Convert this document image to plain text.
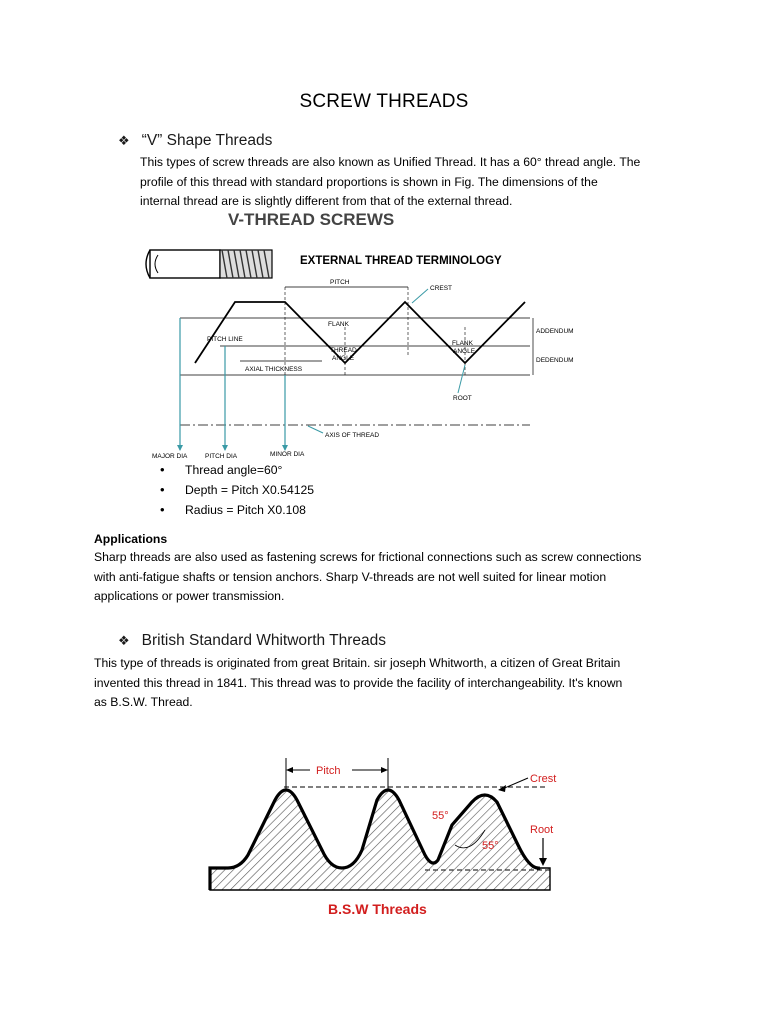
SCREW THREADS
❖ “V” Shape Threads
This types of screw threads are also known as Unified Thread. It has a 60° thread angle. The
profile of this thread with standard proportions is shown in Fig. The dimensions of the
internal thread are is slightly different from that of the external thread.
V-THREAD SCREWS
EXTERNAL THREAD TERMINOLOGY
PITCH
CREST
FLANK
THREAD
ANGLE
FLANK
ANGLE
PITCH LINE
AXIAL THICKNESS
ROOT
ADDENDUM
DEDENDUM
AXIS OF THREAD
MAJOR DIA	PITCH DIA	MINOR DIA
• Thread angle=60°
• Depth = Pitch X0.54125
• Radius = Pitch X0.108
Applications
Sharp threads are also used as fastening screws for frictional connections such as screw connections
with anti-fatigue shafts or tension anchors. Sharp V-threads are not well suited for linear motion
applications or power transmission.
❖ British Standard Whitworth Threads
This type of threads is originated from great Britain. sir joseph Whitworth, a citizen of Great Britain
invented this thread in 1841. This thread was to provide the facility of interchangeability. It's known
as B.S.W. Thread.
Pitch
55°
55°
Crest
Root
B.S.W Threads
